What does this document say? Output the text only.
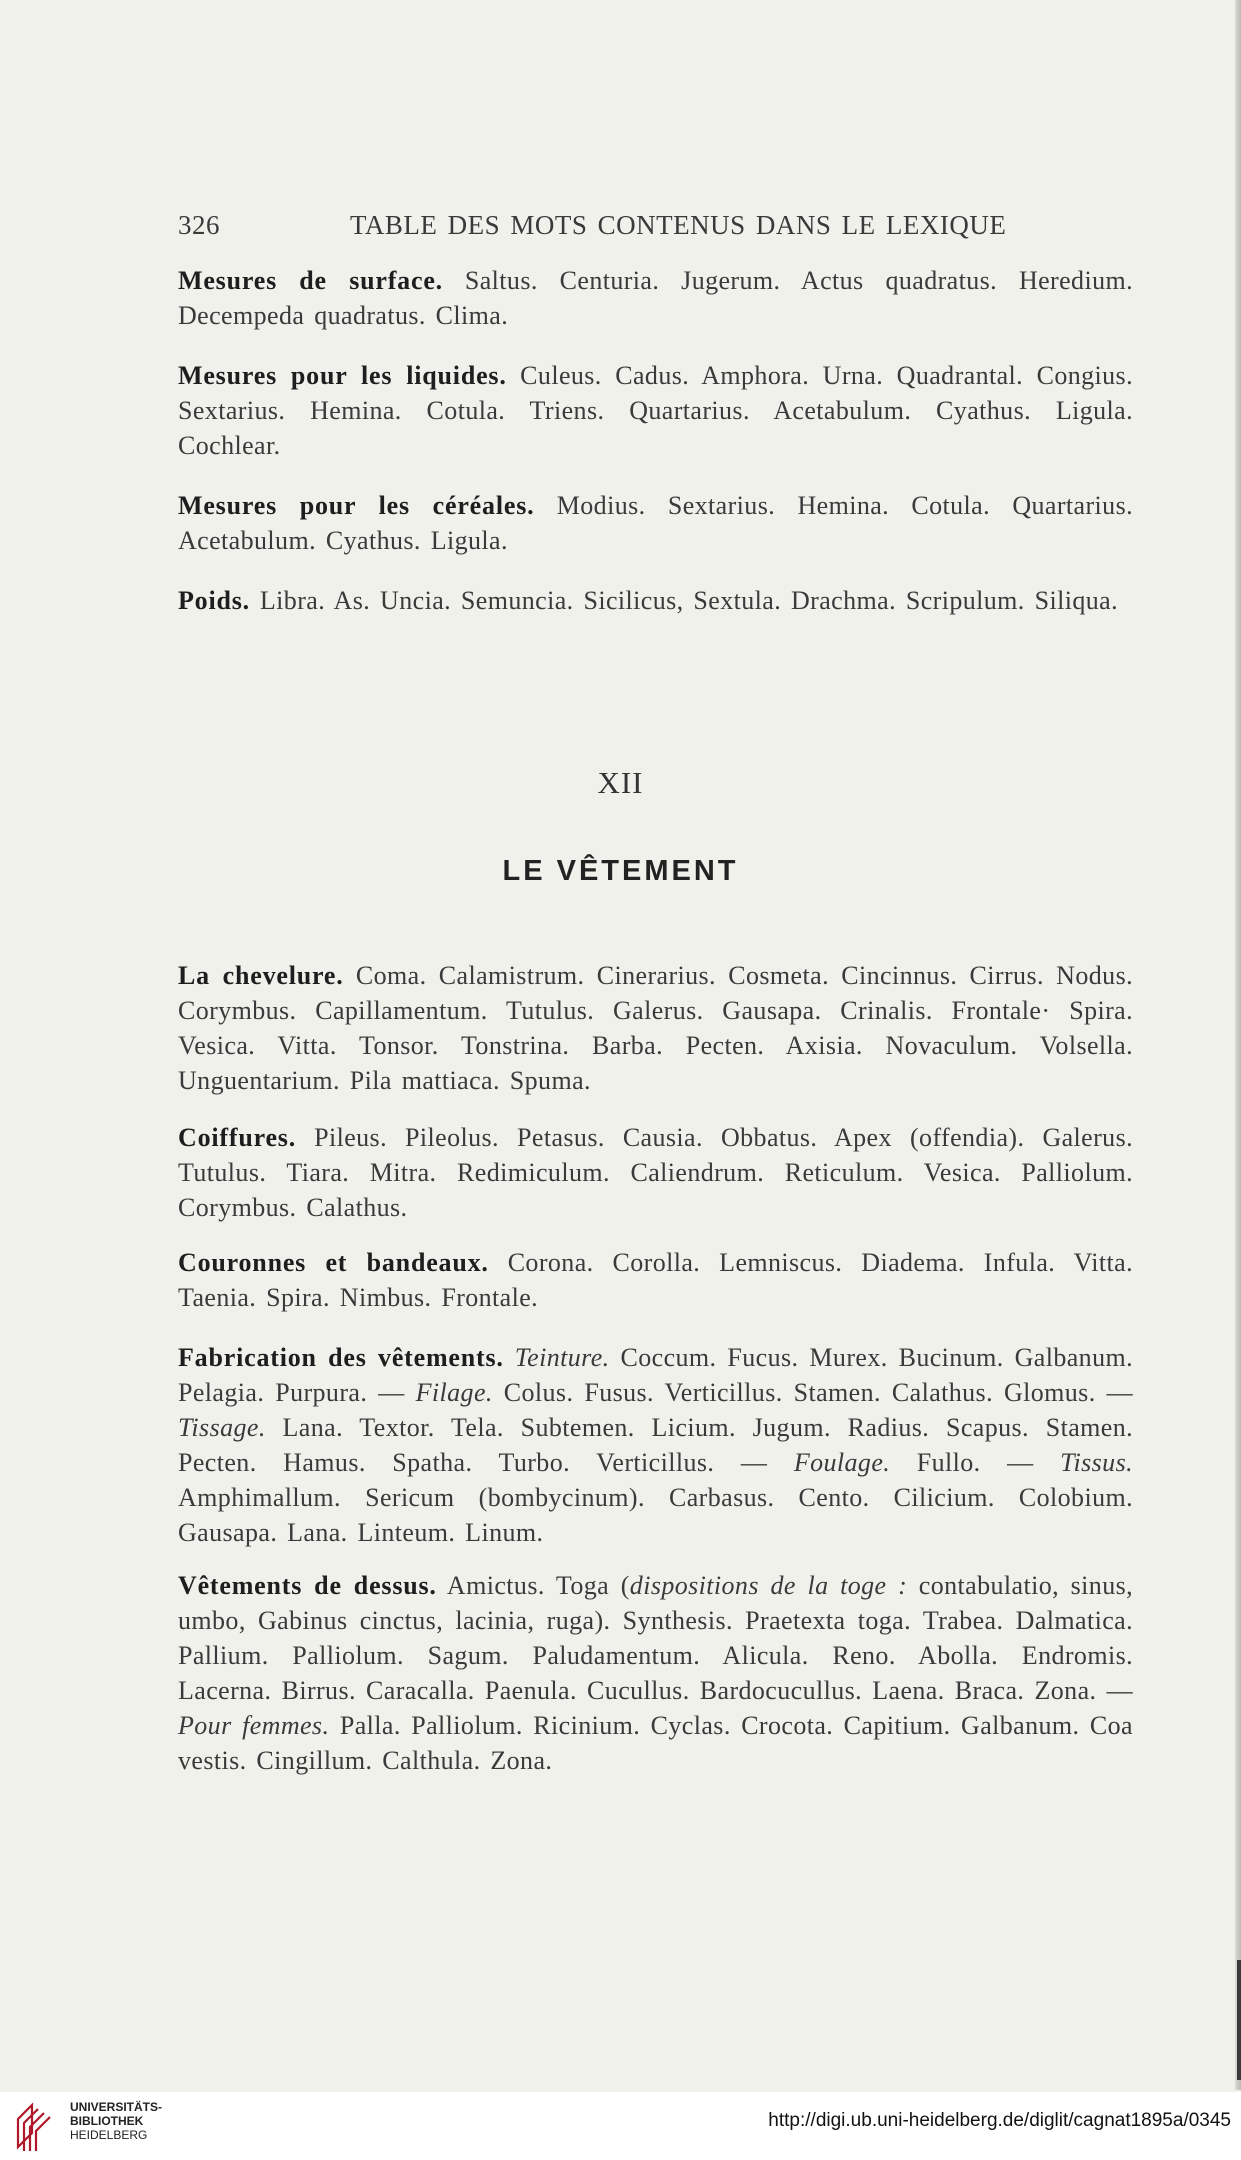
326	TABLE DES MOTS CONTENUS DANS LE LEXIQUE

Mesures de surface. Saltus. Centuria. Jugerum. Actus quadratus. Heredium. Decempeda quadratus. Clima.

Mesures pour les liquides. Culeus. Cadus. Amphora. Urna. Quadrantal. Congius. Sextarius. Hemina. Cotula. Triens. Quartarius. Acetabulum. Cyathus. Ligula. Cochlear.

Mesures pour les céréales. Modius. Sextarius. Hemina. Cotula. Quartarius. Acetabulum. Cyathus. Ligula.

Poids. Libra. As. Uncia. Semuncia. Sicilicus, Sextula. Drachma. Scripulum. Siliqua.

XII
LE VÊTEMENT

La chevelure. Coma. Calamistrum. Cinerarius. Cosmeta. Cincinnus. Cirrus. Nodus. Corymbus. Capillamentum. Tutulus. Galerus. Gausapa. Crinalis. Frontale· Spira. Vesica. Vitta. Tonsor. Tonstrina. Barba. Pecten. Axisia. Novaculum. Volsella. Unguentarium. Pila mattiaca. Spuma.

Coiffures. Pileus. Pileolus. Petasus. Causia. Obbatus. Apex (offendia). Galerus. Tutulus. Tiara. Mitra. Redimiculum. Caliendrum. Reticulum. Vesica. Palliolum. Corymbus. Calathus.

Couronnes et bandeaux. Corona. Corolla. Lemniscus. Diadema. Infula. Vitta. Taenia. Spira. Nimbus. Frontale.

Fabrication des vêtements. Teinture. Coccum. Fucus. Murex. Bucinum. Galbanum. Pelagia. Purpura. — Filage. Colus. Fusus. Verticillus. Stamen. Calathus. Glomus. — Tissage. Lana. Textor. Tela. Subtemen. Licium. Jugum. Radius. Scapus. Stamen. Pecten. Hamus. Spatha. Turbo. Verticillus. — Foulage. Fullo. — Tissus. Amphimallum. Sericum (bombycinum). Carbasus. Cento. Cilicium. Colobium. Gausapa. Lana. Linteum. Linum.

Vêtements de dessus. Amictus. Toga (dispositions de la toge : contabulatio, sinus, umbo, Gabinus cinctus, lacinia, ruga). Synthesis. Praetexta toga. Trabea. Dalmatica. Pallium. Palliolum. Sagum. Paludamentum. Alicula. Reno. Abolla. Endromis. Lacerna. Birrus. Caracalla. Paenula. Cucullus. Bardocucullus. Laena. Braca. Zona. — Pour femmes. Palla. Palliolum. Ricinium. Cyclas. Crocota. Capitium. Galbanum. Coa vestis. Cingillum. Calthula. Zona.

UNIVERSITÄTS-
BIBLIOTHEK
HEIDELBERG
http://digi.ub.uni-heidelberg.de/diglit/cagnat1895a/0345
